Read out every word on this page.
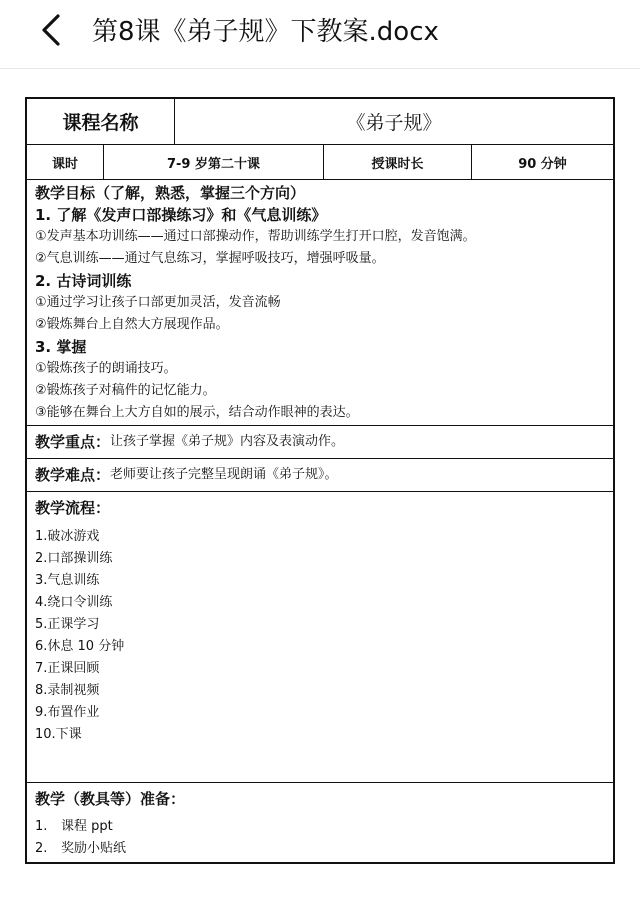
第8课《弟子规》下教案.docx
课程名称	《弟子规》
课时	7-9 岁第二十课	授课时长	90 分钟

教学目标（了解，熟悉，掌握三个方向）

1. 了解《发声口部操练习》和《气息训练》

①发声基本功训练——通过口部操动作，帮助训练学生打开口腔，发音饱满。

②气息训练——通过气息练习，掌握呼吸技巧，增强呼吸量。

2. 古诗词训练

①通过学习让孩子口部更加灵活，发音流畅

②锻炼舞台上自然大方展现作品。

3. 掌握

①锻炼孩子的朗诵技巧。

②锻炼孩子对稿件的记忆能力。

③能够在舞台上大方自如的展示，结合动作眼神的表达。

教学重点： 让孩子掌握《弟子规》内容及表演动作。
教学难点： 老师要让孩子完整呈现朗诵《弟子规》。

教学流程：

1.破冰游戏

2.口部操训练

3.气息训练

4.绕口令训练

5.正课学习

6.休息 10 分钟

7.正课回顾

8.录制视频

9.布置作业

10.下课

教学（教具等）准备：

1. 课程 ppt

2. 奖励小贴纸
